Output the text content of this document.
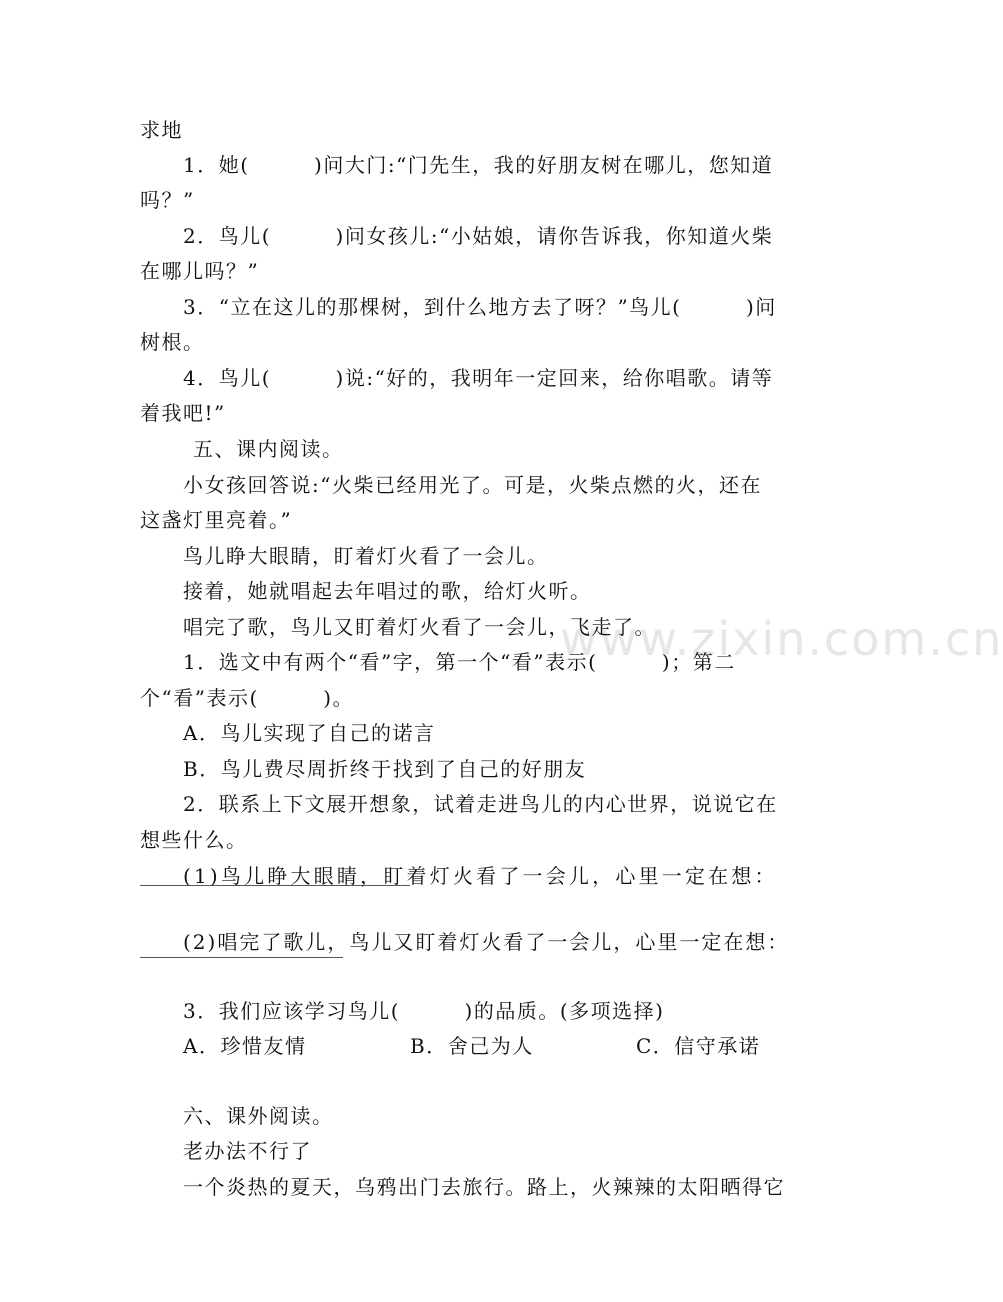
www.zixin.com.cn
求地
1．她(　　　)问大门:“门先生，我的好朋友树在哪儿，您知道
吗？”
2．鸟儿(　　　)问女孩儿:“小姑娘，请你告诉我，你知道火柴
在哪儿吗？”
3．“立在这儿的那棵树，到什么地方去了呀？”鸟儿(　　　)问
树根。
4．鸟儿(　　　)说:“好的，我明年一定回来，给你唱歌。请等
着我吧!”
五、课内阅读。
小女孩回答说:“火柴已经用光了。可是，火柴点燃的火，还在
这盏灯里亮着。”
鸟儿睁大眼睛，盯着灯火看了一会儿。
接着，她就唱起去年唱过的歌，给灯火听。
唱完了歌，鸟儿又盯着灯火看了一会儿，飞走了。
1．选文中有两个“看”字，第一个“看”表示(　　　)；第二
个“看”表示(　　　)。
A．鸟儿实现了自己的诺言
B．鸟儿费尽周折终于找到了自己的好朋友
2．联系上下文展开想象，试着走进鸟儿的内心世界，说说它在
想些什么。
(1)鸟儿睁大眼睛，盯着灯火看了一会儿，心里一定在想：
(2)唱完了歌儿，鸟儿又盯着灯火看了一会儿，心里一定在想：
3．我们应该学习鸟儿(　　　)的品质。(多项选择)
A．珍惜友情	B．舍己为人	C．信守承诺
六、课外阅读。
老办法不行了
一个炎热的夏天，乌鸦出门去旅行。路上，火辣辣的太阳晒得它
